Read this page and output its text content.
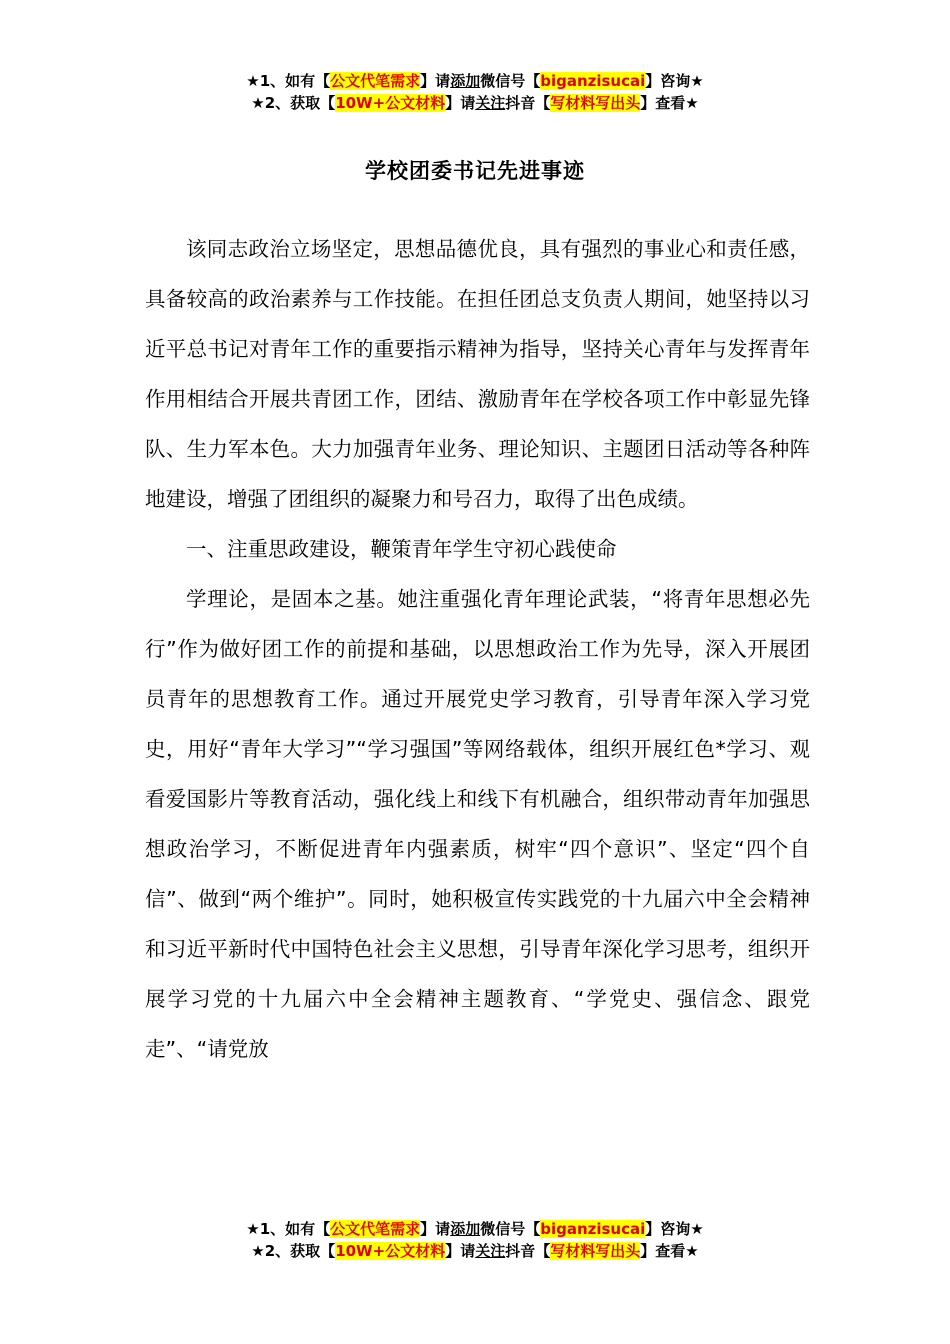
★1、如有【公文代笔需求】请添加微信号【biganzisucai】咨询★
★2、获取【10W+公文材料】请关注抖音【写材料写出头】查看★
学校团委书记先进事迹

该同志政治立场坚定，思想品德优良，具有强烈的事业心和责任感，具备较高的政治素养与工作技能。在担任团总支负责人期间，她坚持以习近平总书记对青年工作的重要指示精神为指导，坚持关心青年与发挥青年作用相结合开展共青团工作，团结、激励青年在学校各项工作中彰显先锋队、生力军本色。大力加强青年业务、理论知识、主题团日活动等各种阵地建设，增强了团组织的凝聚力和号召力，取得了出色成绩。

一、注重思政建设，鞭策青年学生守初心践使命

学理论，是固本之基。她注重强化青年理论武装，“将青年思想必先行”作为做好团工作的前提和基础，以思想政治工作为先导，深入开展团员青年的思想教育工作。通过开展党史学习教育，引导青年深入学习党史，用好“青年大学习”“学习强国”等网络载体，组织开展红色*学习、观看爱国影片等教育活动，强化线上和线下有机融合，组织带动青年加强思想政治学习，不断促进青年内强素质，树牢“四个意识”、坚定“四个自信”、做到“两个维护”。同时，她积极宣传实践党的十九届六中全会精神和习近平新时代中国特色社会主义思想，引导青年深化学习思考，组织开展学习党的十九届六中全会精神主题教育、“学党史、强信念、跟党走”、“请党放

★1、如有【公文代笔需求】请添加微信号【biganzisucai】咨询★
★2、获取【10W+公文材料】请关注抖音【写材料写出头】查看★
